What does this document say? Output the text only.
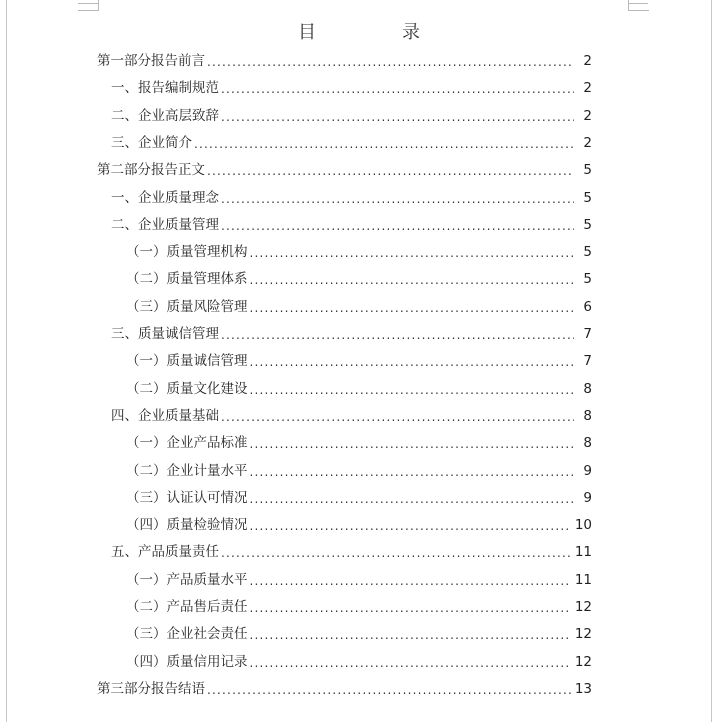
目　录
第一部分报告前言 .....	2
一、报告编制规范 .....	2
二、企业高层致辞 .....	2
三、企业简介 .....	2
第二部分报告正文 .....	5
一、企业质量理念 .....	5
二、企业质量管理 .....	5
（一）质量管理机构 .....	5
（二）质量管理体系 .....	5
（三）质量风险管理 .....	6
三、质量诚信管理 .....	7
（一）质量诚信管理 .....	7
（二）质量文化建设 .....	8
四、企业质量基础 .....	8
（一）企业产品标准 .....	8
（二）企业计量水平 .....	9
（三）认证认可情况 .....	9
（四）质量检验情况 .....	10
五、产品质量责任 .....	11
（一）产品质量水平 .....	11
（二）产品售后责任 .....	12
（三）企业社会责任 .....	12
（四）质量信用记录 .....	12
第三部分报告结语 .....	13
